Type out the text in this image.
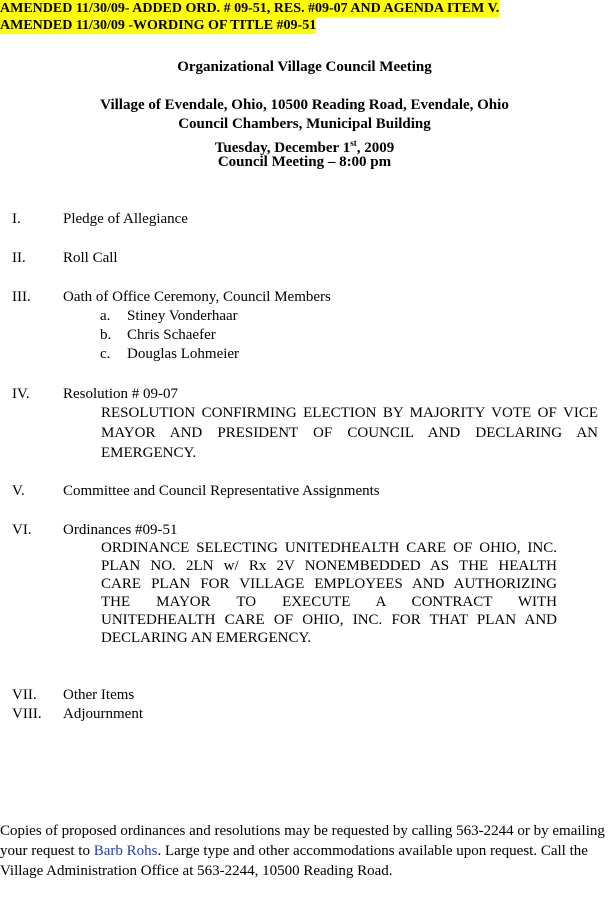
AMENDED 11/30/09- ADDED ORD. # 09-51, RES. #09-07 AND AGENDA ITEM V.
AMENDED 11/30/09 -WORDING OF TITLE #09-51
Organizational Village Council Meeting
Village of Evendale, Ohio, 10500 Reading Road, Evendale, Ohio
Council Chambers, Municipal Building
Tuesday, December 1st, 2009
Council Meeting – 8:00 pm
I.	Pledge of Allegiance
II. Roll Call
III. Oath of Office Ceremony, Council Members
a. Stiney Vonderhaar
b. Chris Schaefer
c. Douglas Lohmeier
IV. Resolution # 09-07
RESOLUTION CONFIRMING ELECTION BY MAJORITY VOTE OF VICE MAYOR AND PRESIDENT OF COUNCIL AND DECLARING AN EMERGENCY.
V.	Committee and Council Representative Assignments
VI. Ordinances #09-51
ORDINANCE SELECTING UNITEDHEALTH CARE OF OHIO, INC.
PLAN NO. 2LN w/ Rx 2V NONEMBEDDED AS THE HEALTH
CARE PLAN FOR VILLAGE EMPLOYEES AND AUTHORIZING
THE MAYOR TO EXECUTE A CONTRACT WITH
UNITEDHEALTH CARE OF OHIO, INC. FOR THAT PLAN AND
DECLARING AN EMERGENCY.
VII. Other Items
VIII. Adjournment
Copies of proposed ordinances and resolutions may be requested by calling 563-2244 or by emailing your request to Barb Rohs. Large type and other accommodations available upon request. Call the Village Administration Office at 563-2244, 10500 Reading Road.
